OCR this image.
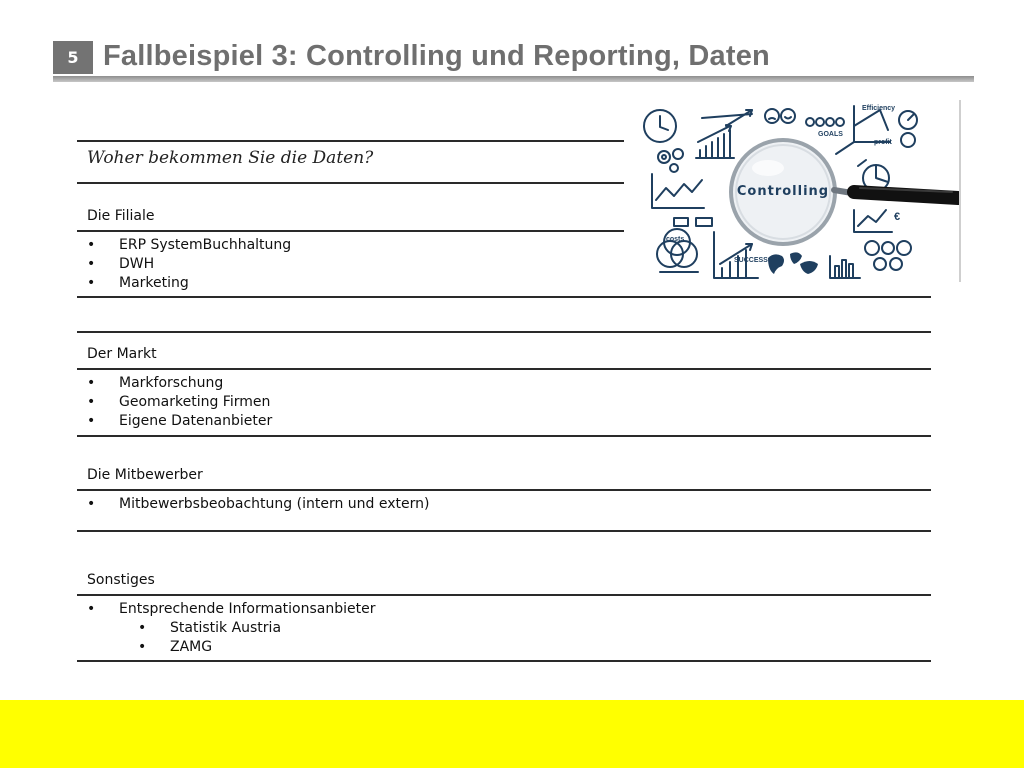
5 Fallbeispiel 3: Controlling und Reporting, Daten
Woher bekommen Sie die Daten?
Die Filiale
• ERP SystemBuchhaltung
• DWH
• Marketing
Der Markt
• Markforschung
• Geomarketing Firmen
• Eigene Datenanbieter
Die Mitbewerber
• Mitbewerbsbeobachtung (intern und extern)
Sonstiges
• Entsprechende Informationsanbieter
• Statistik Austria
• ZAMG
Efficiency
GOALS
profit
SUCCESS
costs
€
Controlling
